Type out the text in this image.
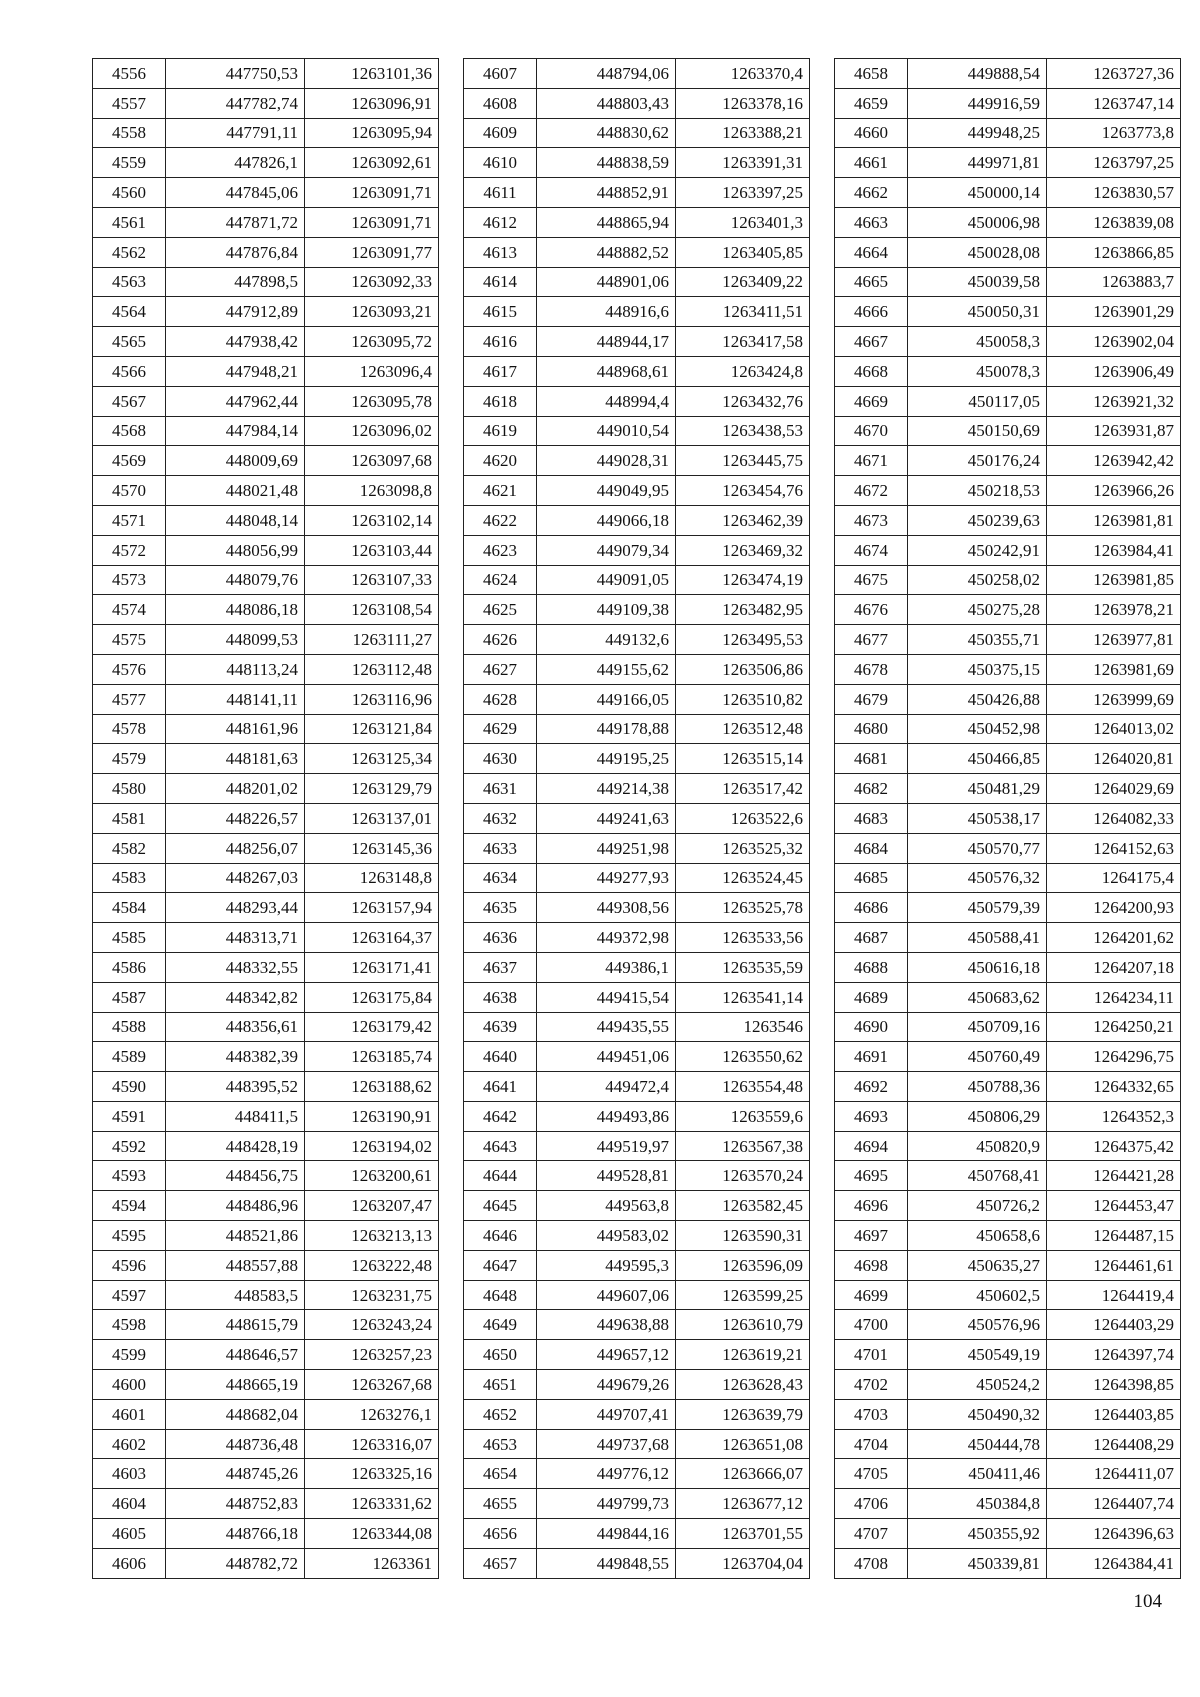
4556	447750,53	1263101,36
4557	447782,74	1263096,91
4558	447791,11	1263095,94
4559	447826,1	1263092,61
4560	447845,06	1263091,71
4561	447871,72	1263091,71
4562	447876,84	1263091,77
4563	447898,5	1263092,33
4564	447912,89	1263093,21
4565	447938,42	1263095,72
4566	447948,21	1263096,4
4567	447962,44	1263095,78
4568	447984,14	1263096,02
4569	448009,69	1263097,68
4570	448021,48	1263098,8
4571	448048,14	1263102,14
4572	448056,99	1263103,44
4573	448079,76	1263107,33
4574	448086,18	1263108,54
4575	448099,53	1263111,27
4576	448113,24	1263112,48
4577	448141,11	1263116,96
4578	448161,96	1263121,84
4579	448181,63	1263125,34
4580	448201,02	1263129,79
4581	448226,57	1263137,01
4582	448256,07	1263145,36
4583	448267,03	1263148,8
4584	448293,44	1263157,94
4585	448313,71	1263164,37
4586	448332,55	1263171,41
4587	448342,82	1263175,84
4588	448356,61	1263179,42
4589	448382,39	1263185,74
4590	448395,52	1263188,62
4591	448411,5	1263190,91
4592	448428,19	1263194,02
4593	448456,75	1263200,61
4594	448486,96	1263207,47
4595	448521,86	1263213,13
4596	448557,88	1263222,48
4597	448583,5	1263231,75
4598	448615,79	1263243,24
4599	448646,57	1263257,23
4600	448665,19	1263267,68
4601	448682,04	1263276,1
4602	448736,48	1263316,07
4603	448745,26	1263325,16
4604	448752,83	1263331,62
4605	448766,18	1263344,08
4606	448782,72	1263361
4607	448794,06	1263370,4
4608	448803,43	1263378,16
4609	448830,62	1263388,21
4610	448838,59	1263391,31
4611	448852,91	1263397,25
4612	448865,94	1263401,3
4613	448882,52	1263405,85
4614	448901,06	1263409,22
4615	448916,6	1263411,51
4616	448944,17	1263417,58
4617	448968,61	1263424,8
4618	448994,4	1263432,76
4619	449010,54	1263438,53
4620	449028,31	1263445,75
4621	449049,95	1263454,76
4622	449066,18	1263462,39
4623	449079,34	1263469,32
4624	449091,05	1263474,19
4625	449109,38	1263482,95
4626	449132,6	1263495,53
4627	449155,62	1263506,86
4628	449166,05	1263510,82
4629	449178,88	1263512,48
4630	449195,25	1263515,14
4631	449214,38	1263517,42
4632	449241,63	1263522,6
4633	449251,98	1263525,32
4634	449277,93	1263524,45
4635	449308,56	1263525,78
4636	449372,98	1263533,56
4637	449386,1	1263535,59
4638	449415,54	1263541,14
4639	449435,55	1263546
4640	449451,06	1263550,62
4641	449472,4	1263554,48
4642	449493,86	1263559,6
4643	449519,97	1263567,38
4644	449528,81	1263570,24
4645	449563,8	1263582,45
4646	449583,02	1263590,31
4647	449595,3	1263596,09
4648	449607,06	1263599,25
4649	449638,88	1263610,79
4650	449657,12	1263619,21
4651	449679,26	1263628,43
4652	449707,41	1263639,79
4653	449737,68	1263651,08
4654	449776,12	1263666,07
4655	449799,73	1263677,12
4656	449844,16	1263701,55
4657	449848,55	1263704,04
4658	449888,54	1263727,36
4659	449916,59	1263747,14
4660	449948,25	1263773,8
4661	449971,81	1263797,25
4662	450000,14	1263830,57
4663	450006,98	1263839,08
4664	450028,08	1263866,85
4665	450039,58	1263883,7
4666	450050,31	1263901,29
4667	450058,3	1263902,04
4668	450078,3	1263906,49
4669	450117,05	1263921,32
4670	450150,69	1263931,87
4671	450176,24	1263942,42
4672	450218,53	1263966,26
4673	450239,63	1263981,81
4674	450242,91	1263984,41
4675	450258,02	1263981,85
4676	450275,28	1263978,21
4677	450355,71	1263977,81
4678	450375,15	1263981,69
4679	450426,88	1263999,69
4680	450452,98	1264013,02
4681	450466,85	1264020,81
4682	450481,29	1264029,69
4683	450538,17	1264082,33
4684	450570,77	1264152,63
4685	450576,32	1264175,4
4686	450579,39	1264200,93
4687	450588,41	1264201,62
4688	450616,18	1264207,18
4689	450683,62	1264234,11
4690	450709,16	1264250,21
4691	450760,49	1264296,75
4692	450788,36	1264332,65
4693	450806,29	1264352,3
4694	450820,9	1264375,42
4695	450768,41	1264421,28
4696	450726,2	1264453,47
4697	450658,6	1264487,15
4698	450635,27	1264461,61
4699	450602,5	1264419,4
4700	450576,96	1264403,29
4701	450549,19	1264397,74
4702	450524,2	1264398,85
4703	450490,32	1264403,85
4704	450444,78	1264408,29
4705	450411,46	1264411,07
4706	450384,8	1264407,74
4707	450355,92	1264396,63
4708	450339,81	1264384,41
104
